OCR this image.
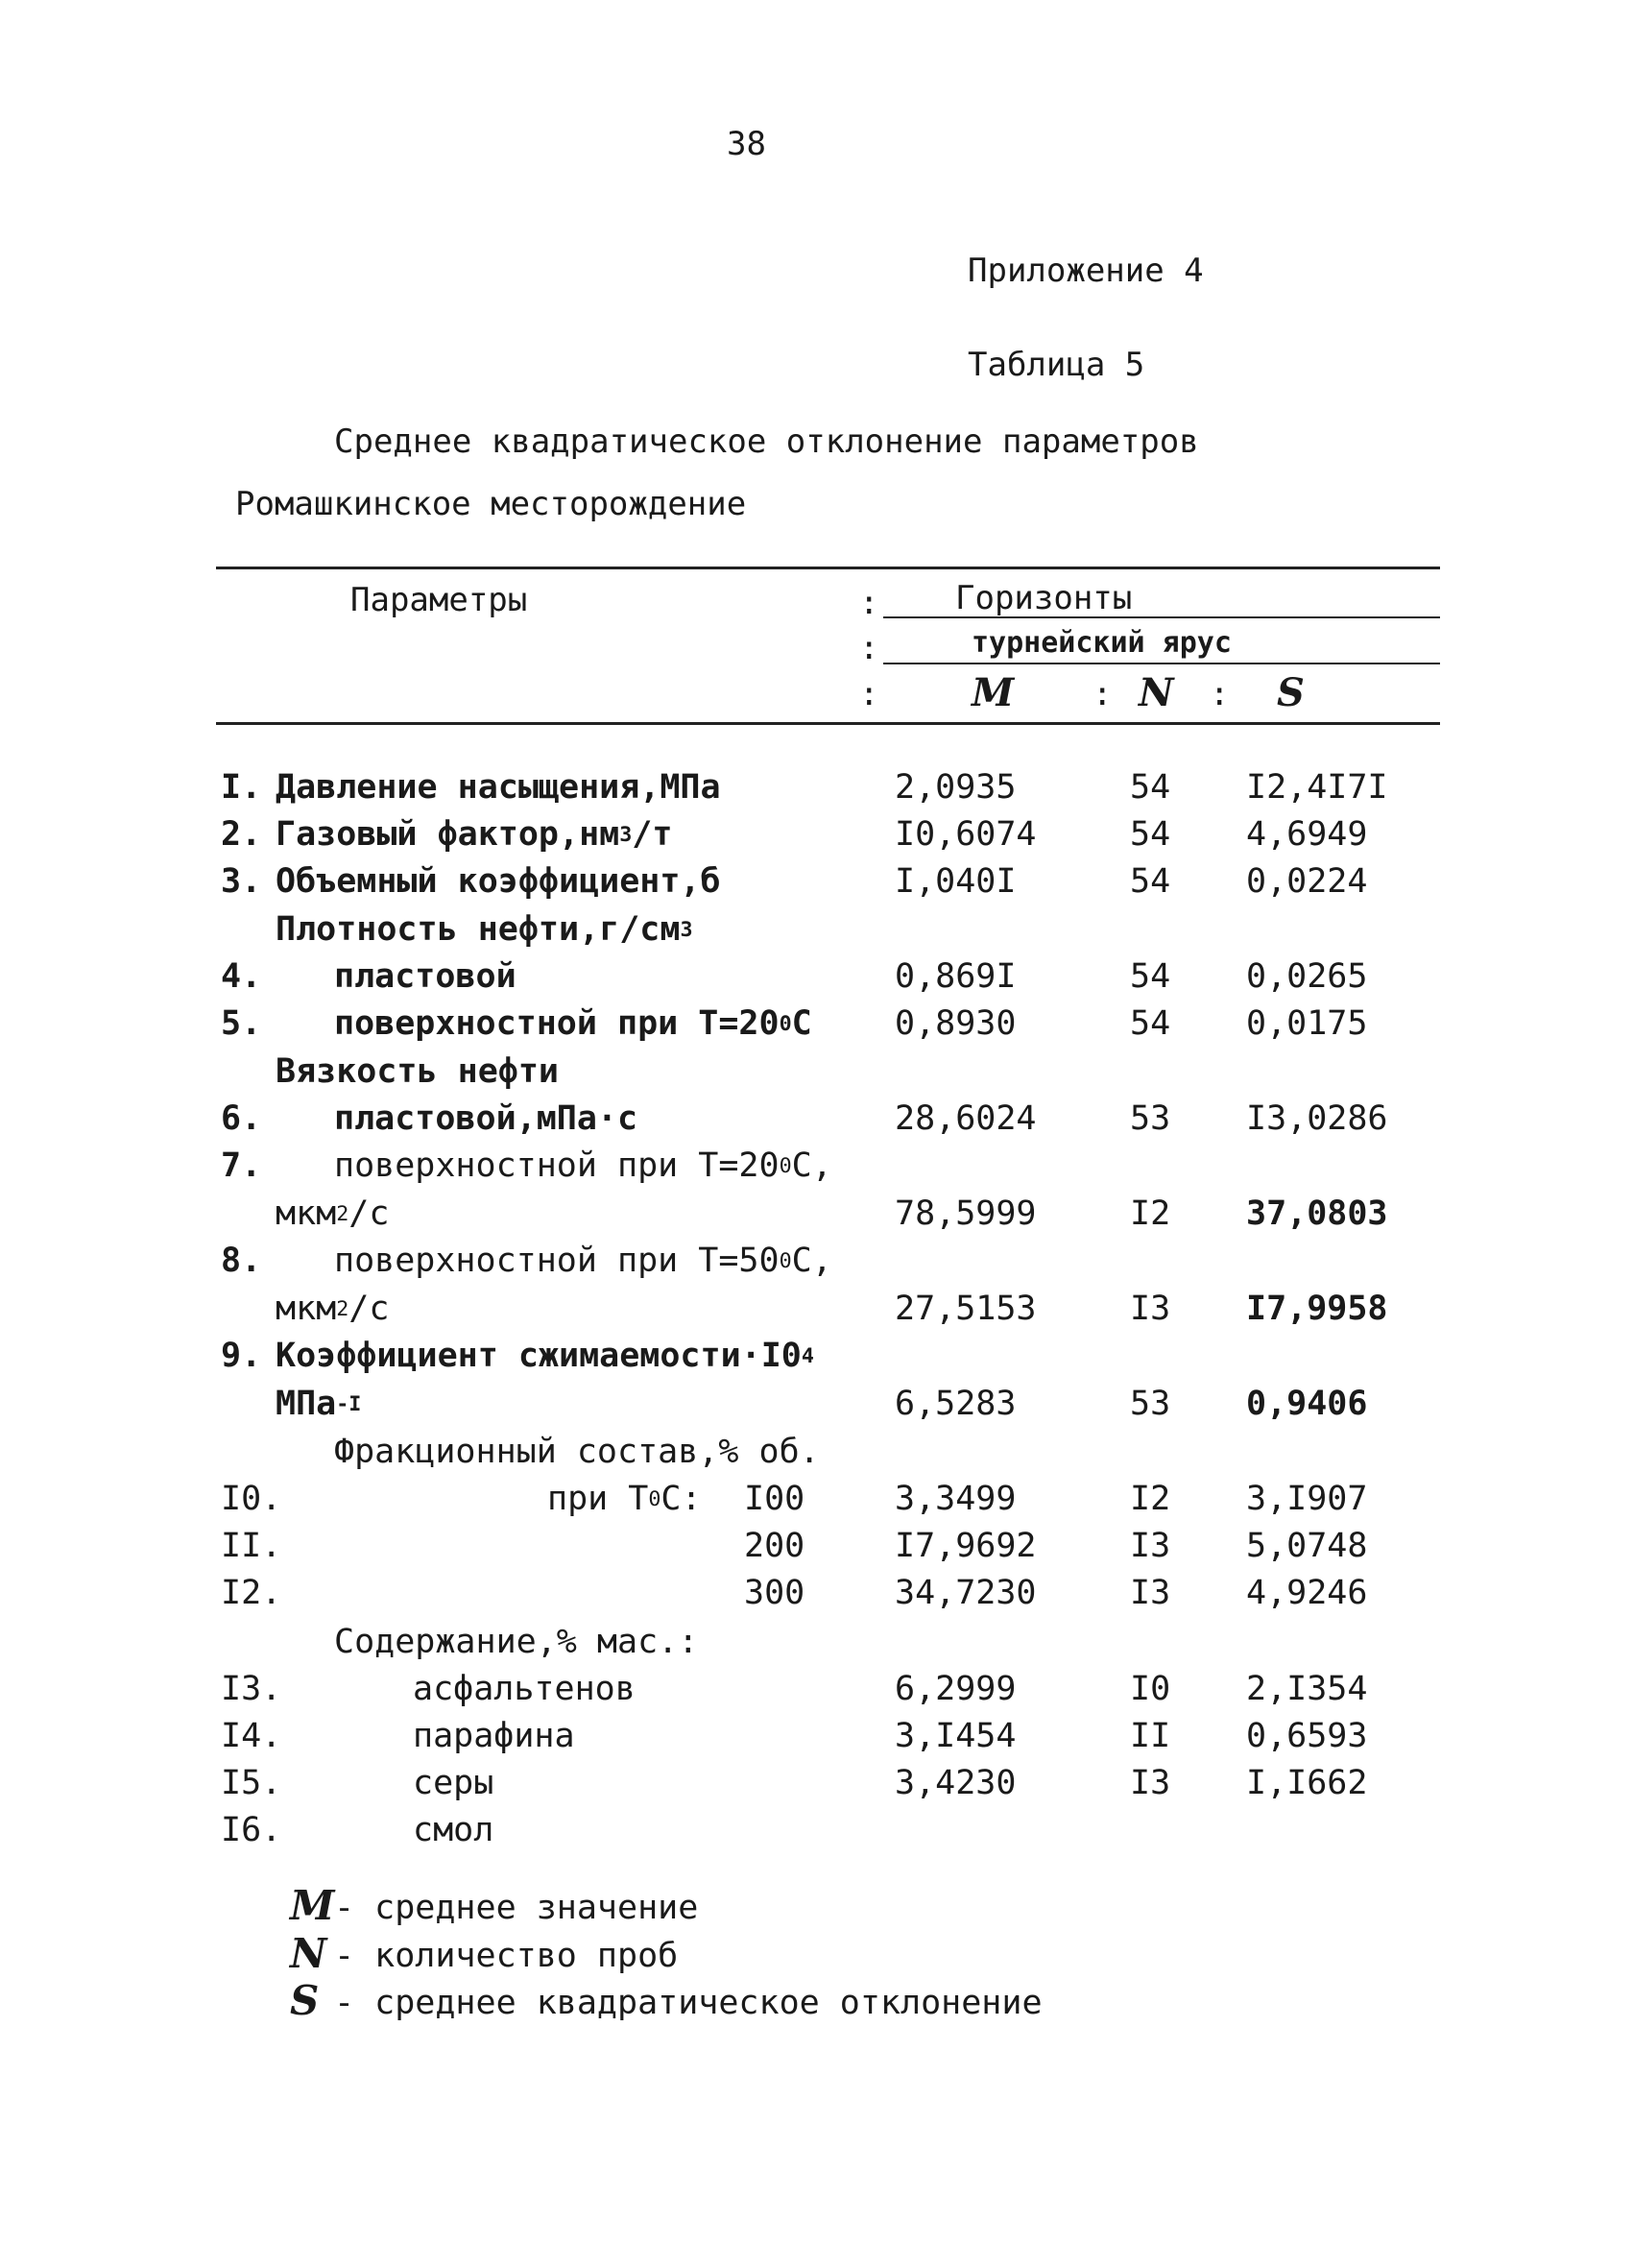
38
Приложение 4
Таблица 5
Среднее квадратическое отклонение параметров
Ромашкинское месторождение
Параметры	: Горизонты
:	турнейский ярус
: M : N : S
I. Давление насыщения,МПа	2,0935	54 I2,4I7I
2. Газовый $фактор,нм^3/т$	I0,6074	54 4,6949
3. Объемный коэффициент,б	I,040I	54 0,0224
Плотность $нефти,г/см^3$
4. пластовой	0,869I	54 0,0265
5. поверхностной при $Т=20^0С$ 0,8930	54 0,0175
Вязкость нефти
6. пластовой,мПа·с	28,6024	53 I3,0286
7. поверхностной при $Т=20^0С$,
мкм$^2$/с	78,5999	I2 37,0803
8. поверхностной при $Т=50^0С$,
мкм$^2$/с	27,5153	I3 I7,9958
9. Коэффициент $сжимаемости\cdot I0^4$
МПа$^{-I}$	6,5283	53 0,9406
Фракционный состав,% об.
I0.	при $Т^0С$: I00	3,3499	I2 3,I907
II.	200	I7,9692	I3 5,0748
I2.	300	34,7230	I3 4,9246
Содержание,% мас.:
I3.	асфальтенов	6,2999	I0 2,I354
I4.	парафина	3,I454	II 0,6593
I5.	серы	3,4230	I3 I,I662
I6.	смол
M - среднее значение
N - количество проб
S - среднее квадратическое отклонение
